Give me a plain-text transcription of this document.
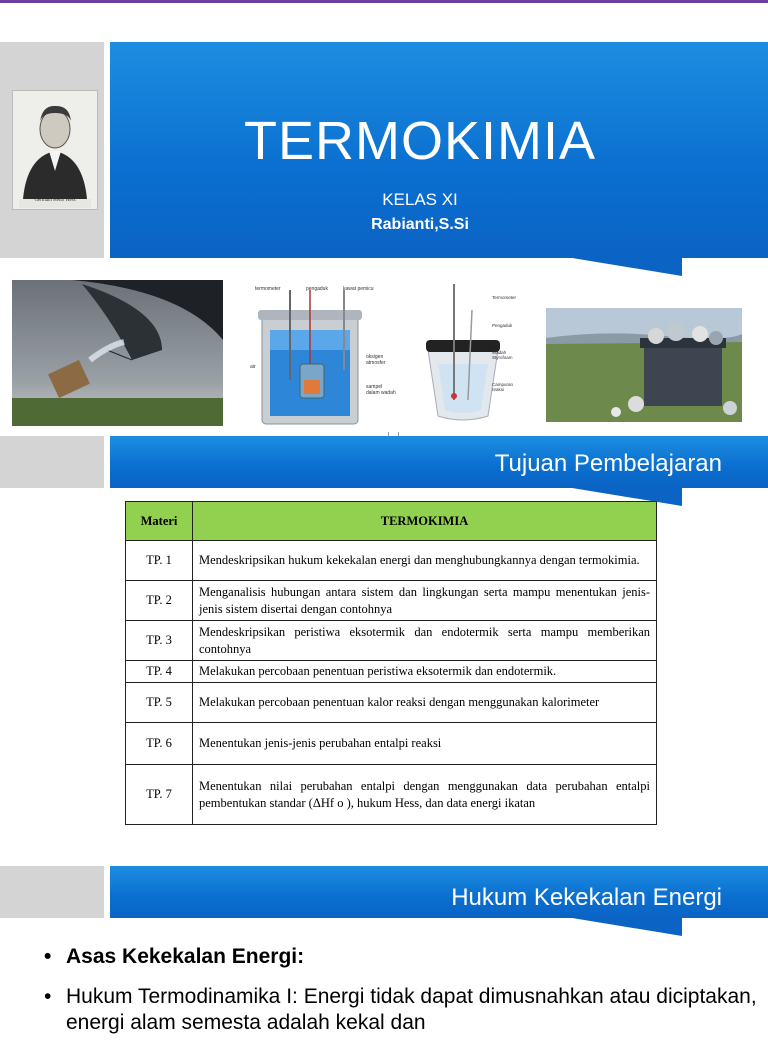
Germain Henri Hess
TERMOKIMIA
KELAS XI
Rabianti,S.Si
termometer	pengaduk	kawat pemicu
air
oksigen atmosfer
sampel dalam wadah
Termometer
Pengaduk
Wadah Styrofoam
Campuran reaksi
Tujuan Pembelajaran
Materi	TERMOKIMIA
TP. 1	Mendeskripsikan hukum kekekalan energi dan menghubungkannya dengan termokimia.
TP. 2	Menganalisis hubungan antara sistem dan lingkungan serta mampu menentukan jenis-jenis sistem disertai dengan contohnya
TP. 3	Mendeskripsikan peristiwa eksotermik dan endotermik serta mampu memberikan contohnya
TP. 4	Melakukan percobaan penentuan peristiwa eksotermik dan endotermik.
TP. 5	Melakukan percobaan penentuan kalor reaksi dengan menggunakan kalorimeter
TP. 6	Menentukan jenis-jenis perubahan entalpi reaksi
TP. 7	Menentukan nilai perubahan entalpi dengan menggunakan data perubahan entalpi pembentukan standar (ΔHf o ), hukum Hess, dan data energi ikatan
Hukum Kekekalan Energi
• Asas Kekekalan Energi:
• Hukum Termodinamika I: Energi tidak dapat dimusnahkan atau diciptakan, energi alam semesta adalah kekal dan
